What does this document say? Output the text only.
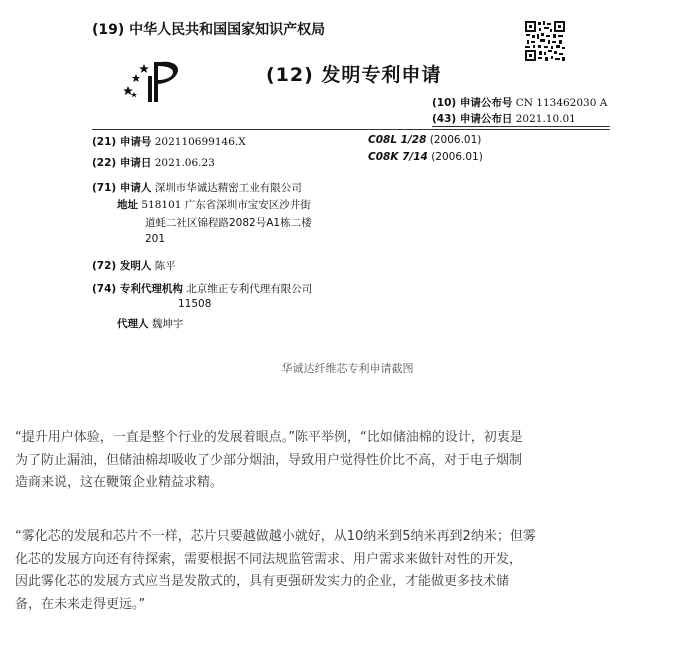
(19) 中华人民共和国国家知识产权局
(12) 发明专利申请
(10) 申请公布号 CN 113462030 A
(43) 申请公布日 2021.10.01
(21) 申请号 202110699146.X
(22) 申请日 2021.06.23
(71) 申请人 深圳市华诚达精密工业有限公司
地址 518101 广东省深圳市宝安区沙井街
道蚝二社区锦程路2082号A1栋二楼
201
(72) 发明人 陈平
(74) 专利代理机构 北京维正专利代理有限公司
11508
代理人 魏坤宇
C08L 1/28 (2006.01)
C08K 7/14 (2006.01)
华诚达纤维芯专利申请截图
“提升用户体验，一直是整个行业的发展着眼点。”陈平举例，“比如储油棉的设计，初衷是
为了防止漏油，但储油棉却吸收了少部分烟油，导致用户觉得性价比不高，对于电子烟制
造商来说，这在鞭策企业精益求精。
“雾化芯的发展和芯片不一样，芯片只要越做越小就好，从10纳米到5纳米再到2纳米；但雾
化芯的发展方向还有待探索，需要根据不同法规监管需求、用户需求来做针对性的开发，
因此雾化芯的发展方式应当是发散式的，具有更强研发实力的企业，才能做更多技术储
备，在未来走得更远。”
